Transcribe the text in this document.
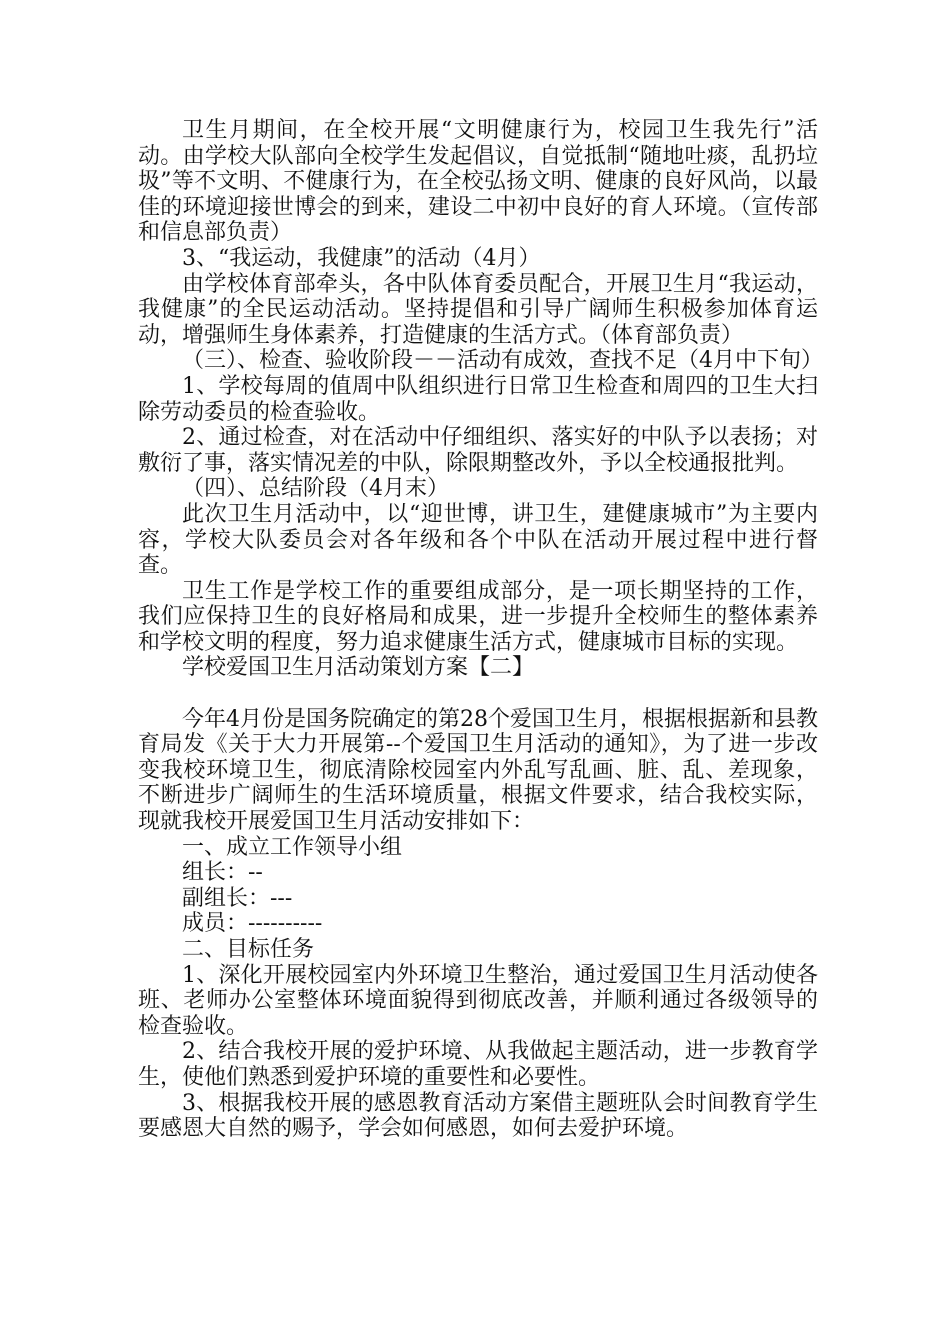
卫生月期间，在全校开展“文明健康行为，校园卫生我先行”活动。由学校大队部向全校学生发起倡议，自觉抵制“随地吐痰，乱扔垃圾”等不文明、不健康行为，在全校弘扬文明、健康的良好风尚，以最佳的环境迎接世博会的到来，建设二中初中良好的育人环境。（宣传部和信息部负责）

3、“我运动，我健康”的活动（4月）

由学校体育部牵头，各中队体育委员配合，开展卫生月“我运动，我健康”的全民运动活动。坚持提倡和引导广阔师生积极参加体育运动，增强师生身体素养，打造健康的生活方式。（体育部负责）

（三）、检查、验收阶段－－活动有成效，查找不足（4月中下旬）

1、学校每周的值周中队组织进行日常卫生检查和周四的卫生大扫除劳动委员的检查验收。

2、通过检查，对在活动中仔细组织、落实好的中队予以表扬；对敷衍了事，落实情况差的中队，除限期整改外，予以全校通报批判。

（四）、总结阶段（4月末）

此次卫生月活动中，以“迎世博，讲卫生，建健康城市”为主要内容，学校大队委员会对各年级和各个中队在活动开展过程中进行督查。

卫生工作是学校工作的重要组成部分，是一项长期坚持的工作，我们应保持卫生的良好格局和成果，进一步提升全校师生的整体素养和学校文明的程度，努力追求健康生活方式，健康城市目标的实现。

学校爱国卫生月活动策划方案【二】

今年4月份是国务院确定的第28个爱国卫生月，根据根据新和县教育局发《关于大力开展第--个爱国卫生月活动的通知》，为了进一步改变我校环境卫生，彻底清除校园室内外乱写乱画、脏、乱、差现象，不断进步广阔师生的生活环境质量，根据文件要求，结合我校实际，现就我校开展爱国卫生月活动安排如下：

一、成立工作领导小组

组长：--

副组长：---

成员：----------

二、目标任务

1、深化开展校园室内外环境卫生整治，通过爱国卫生月活动使各班、老师办公室整体环境面貌得到彻底改善，并顺利通过各级领导的检查验收。

2、结合我校开展的爱护环境、从我做起主题活动，进一步教育学生，使他们熟悉到爱护环境的重要性和必要性。

3、根据我校开展的感恩教育活动方案借主题班队会时间教育学生要感恩大自然的赐予，学会如何感恩，如何去爱护环境。
